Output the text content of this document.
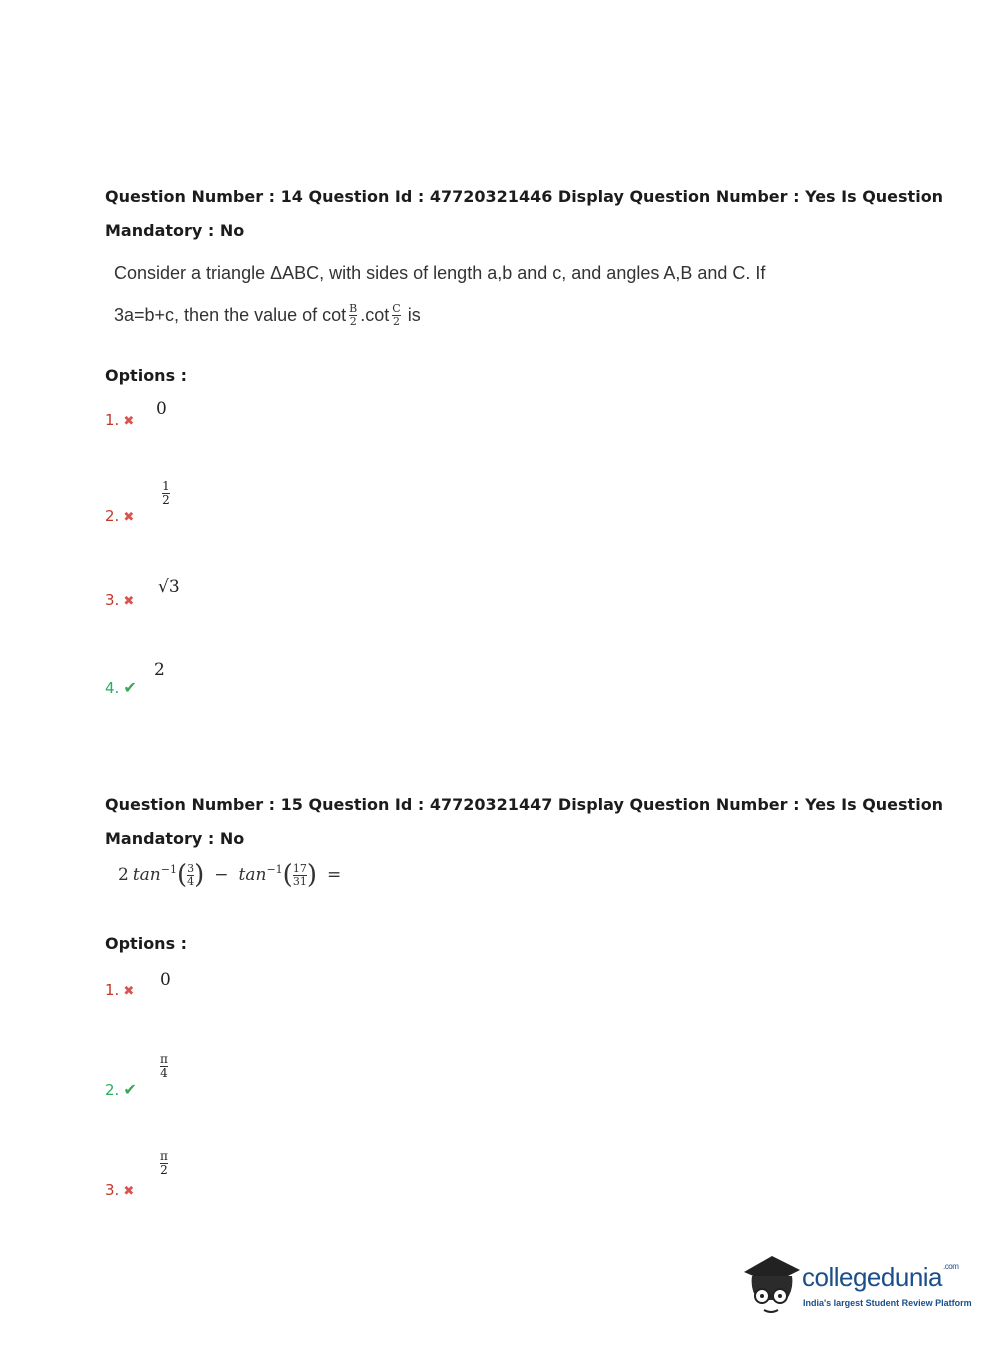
Question Number : 14 Question Id : 47720321446 Display Question Number : Yes Is Question
Mandatory : No
Consider a triangle ΔABC, with sides of length a,b and c, and angles A,B and C. If
3a=b+c, then the value of $\cot \frac{B}{2} .\cot \frac{C}{2}$ is
Options :
1. ✖
0
2. ✖
$\frac{1}{2}$
3. ✖
√3
4. ✔
2
Question Number : 15 Question Id : 47720321447 Display Question Number : Yes Is Question
Mandatory : No
2 $\tan^{-1}$ ( $\frac{3}{4}$ ) − $\tan^{-1}$ ( $\frac{17}{31}$ ) =
Options :
1. ✖
0
2. ✔
$\frac{\pi}{4}$
3. ✖
$\frac{\pi}{2}$
collegedunia$^{.com}$
India's largest Student Review Platform
